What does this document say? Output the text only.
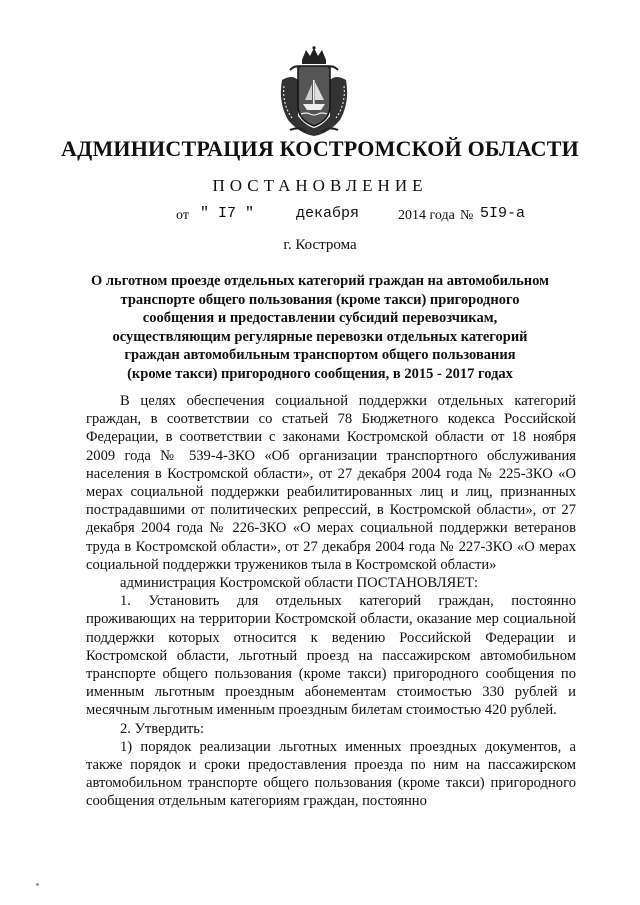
АДМИНИСТРАЦИЯ КОСТРОМСКОЙ ОБЛАСТИ
ПОСТАНОВЛЕНИЕ
от " I7 "	декабря	2014 года № 5I9-а
г. Кострома
О льготном проезде отдельных категорий граждан на автомобильном
транспорте общего пользования (кроме такси) пригородного
сообщения и предоставлении субсидий перевозчикам,
осуществляющим регулярные перевозки отдельных категорий
граждан автомобильным транспортом общего пользования
(кроме такси) пригородного сообщения, в 2015 - 2017 годах

В целях обеспечения социальной поддержки отдельных категорий граждан, в соответствии со статьей 78 Бюджетного кодекса Российской Федерации, в соответствии с законами Костромской области от 18 ноября 2009 года № 539-4-ЗКО «Об организации транспортного обслуживания населения в Костромской области», от 27 декабря 2004 года № 225-ЗКО «О мерах социальной поддержки реабилитированных лиц и лиц, признанных пострадавшими от политических репрессий, в Костромской области», от 27 декабря 2004 года № 226-ЗКО «О мерах социальной поддержки ветеранов труда в Костромской области», от 27 декабря 2004 года № 227-ЗКО «О мерах социальной поддержки тружеников тыла в Костромской области»

администрация Костромской области ПОСТАНОВЛЯЕТ:

1. Установить для отдельных категорий граждан, постоянно проживающих на территории Костромской области, оказание мер социальной поддержки которых относится к ведению Российской Федерации и Костромской области, льготный проезд на пассажирском автомобильном транспорте общего пользования (кроме такси) пригородного сообщения по именным льготным проездным абонементам стоимостью 330 рублей и месячным льготным именным проездным билетам стоимостью 420 рублей.

2. Утвердить:

1) порядок реализации льготных именных проездных документов, а также порядок и сроки предоставления проезда по ним на пассажирском автомобильном транспорте общего пользования (кроме такси) пригородного сообщения отдельным категориям граждан, постоянно
